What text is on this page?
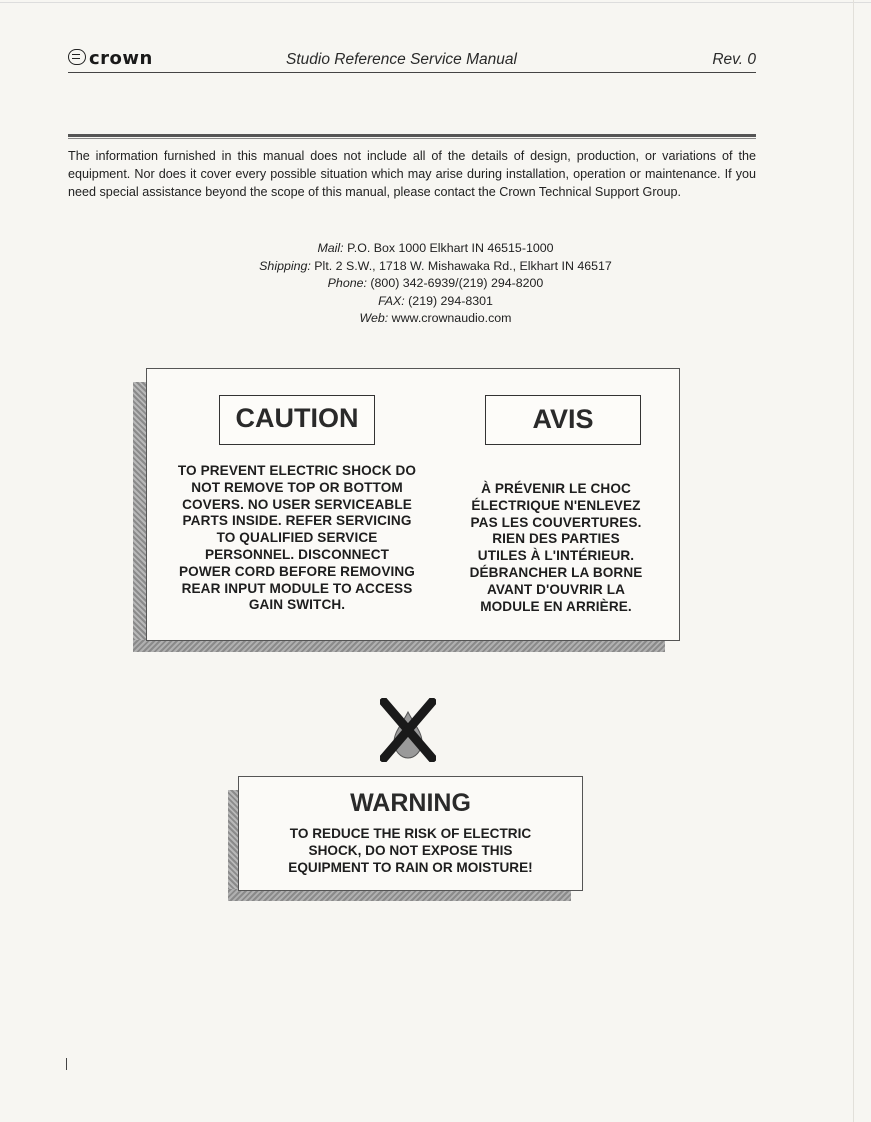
crown	Studio Reference Service Manual	Rev. 0

The information furnished in this manual does not include all of the details of design, production, or variations of the equipment. Nor does it cover every possible situation which may arise during installation, operation or maintenance. If you need special assistance beyond the scope of this manual, please contact the Crown Technical Support Group.

Mail: P.O. Box 1000 Elkhart IN 46515-1000
Shipping: Plt. 2 S.W., 1718 W. Mishawaka Rd., Elkhart IN 46517
Phone: (800) 342-6939/(219) 294-8200
FAX: (219) 294-8301
Web: www.crownaudio.com
CAUTION	AVIS
TO PREVENT ELECTRIC SHOCK DO
NOT REMOVE TOP OR BOTTOM
COVERS. NO USER SERVICEABLE
PARTS INSIDE. REFER SERVICING
TO QUALIFIED SERVICE
PERSONNEL. DISCONNECT
POWER CORD BEFORE REMOVING
REAR INPUT MODULE TO ACCESS
GAIN SWITCH.
À PRÉVENIR LE CHOC
ÉLECTRIQUE N'ENLEVEZ
PAS LES COUVERTURES.
RIEN DES PARTIES
UTILES À L'INTÉRIEUR.
DÉBRANCHER LA BORNE
AVANT D'OUVRIR LA
MODULE EN ARRIÈRE.
WARNING
TO REDUCE THE RISK OF ELECTRIC
SHOCK, DO NOT EXPOSE THIS
EQUIPMENT TO RAIN OR MOISTURE!
